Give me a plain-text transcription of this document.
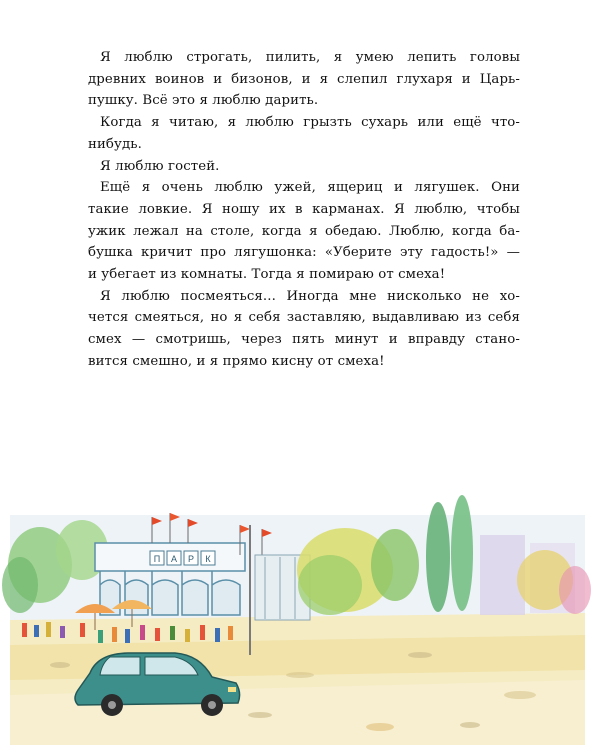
Я люблю строгать, пилить, я умею лепить головы
древних воинов и бизонов, и я слепил глухаря и Царь-
пушку. Всё это я люблю дарить.

Когда я читаю, я люблю грызть сухарь или ещё что-
нибудь.

Я люблю гостей.

Ещё я очень люблю ужей, ящериц и лягушек. Они
такие ловкие. Я ношу их в карманах. Я люблю, чтобы
ужик лежал на столе, когда я обедаю. Люблю, когда ба-
бушка кричит про лягушонка: «Уберите эту гадость!» —
и убегает из комнаты. Тогда я помираю от смеха!

Я люблю посмеяться... Иногда мне нисколько не хо-
чется смеяться, но я себя заставляю, выдавливаю из себя
смех — смотришь, через пять минут и вправду стано-
вится смешно, и я прямо кисну от смеха!

П А Р К
